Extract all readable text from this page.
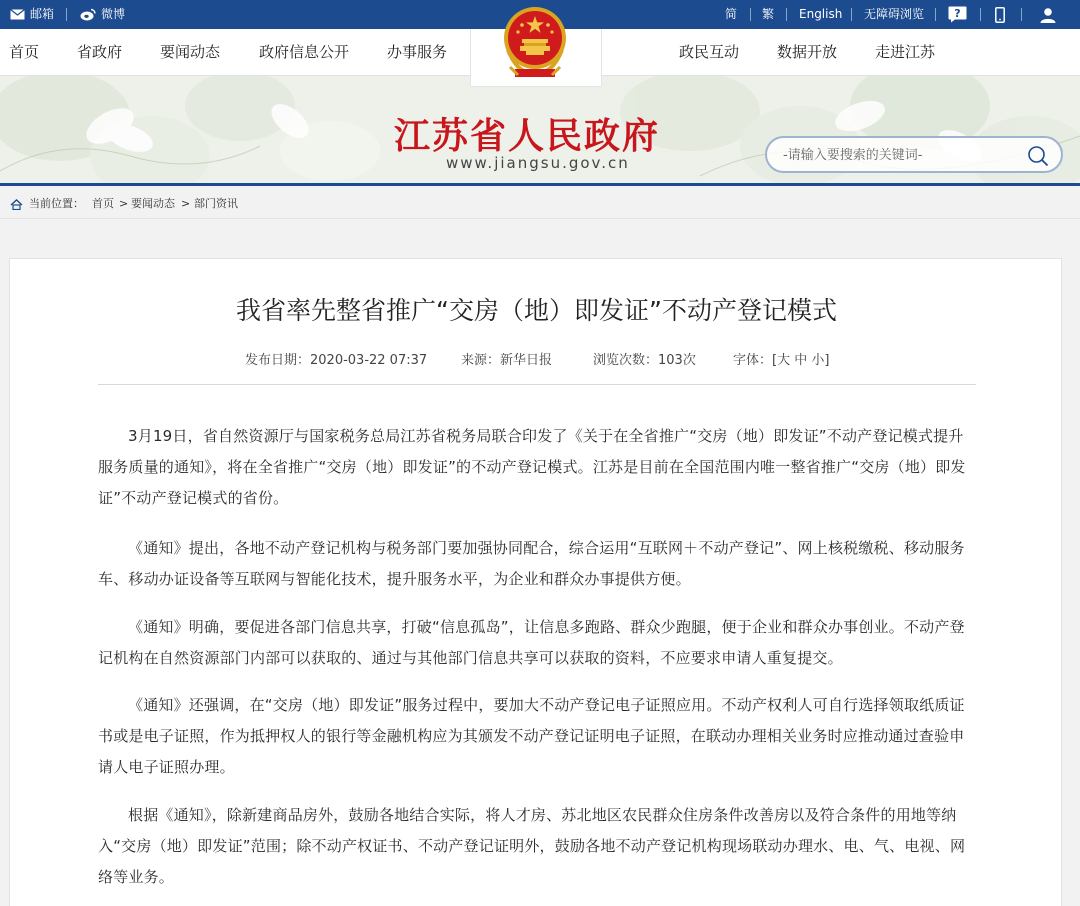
邮箱	微博	简 繁 English 无障碍浏览	?
首页	省政府	要闻动态	政府信息公开	办事服务	政民互动	数据开放	走进江苏
江苏省人民政府
www.jiangsu.gov.cn
-请输入要搜索的关键词-
当前位置： 首页 > 要闻动态 > 部门资讯
我省率先整省推广“交房（地）即发证”不动产登记模式
发布日期：2020-03-22 07:37	来源：新华日报	浏览次数：103次	字体：[大 中 小]

3月19日，省自然资源厅与国家税务总局江苏省税务局联合印发了《关于在全省推广“交房（地）即发证”不动产登记模式提升服务质量的通知》，将在全省推广“交房（地）即发证”的不动产登记模式。江苏是目前在全国范围内唯一整省推广“交房（地）即发证”不动产登记模式的省份。

《通知》提出，各地不动产登记机构与税务部门要加强协同配合，综合运用“互联网＋不动产登记”、网上核税缴税、移动服务车、移动办证设备等互联网与智能化技术，提升服务水平，为企业和群众办事提供方便。

《通知》明确，要促进各部门信息共享，打破“信息孤岛”，让信息多跑路、群众少跑腿，便于企业和群众办事创业。不动产登记机构在自然资源部门内部可以获取的、通过与其他部门信息共享可以获取的资料，不应要求申请人重复提交。

《通知》还强调，在“交房（地）即发证”服务过程中，要加大不动产登记电子证照应用。不动产权利人可自行选择领取纸质证书或是电子证照，作为抵押权人的银行等金融机构应为其颁发不动产登记证明电子证照，在联动办理相关业务时应推动通过查验申请人电子证照办理。

根据《通知》，除新建商品房外，鼓励各地结合实际，将人才房、苏北地区农民群众住房条件改善房以及符合条件的用地等纳入“交房（地）即发证”范围；除不动产权证书、不动产登记证明外，鼓励各地不动产登记机构现场联动办理水、电、气、电视、网络等业务。
